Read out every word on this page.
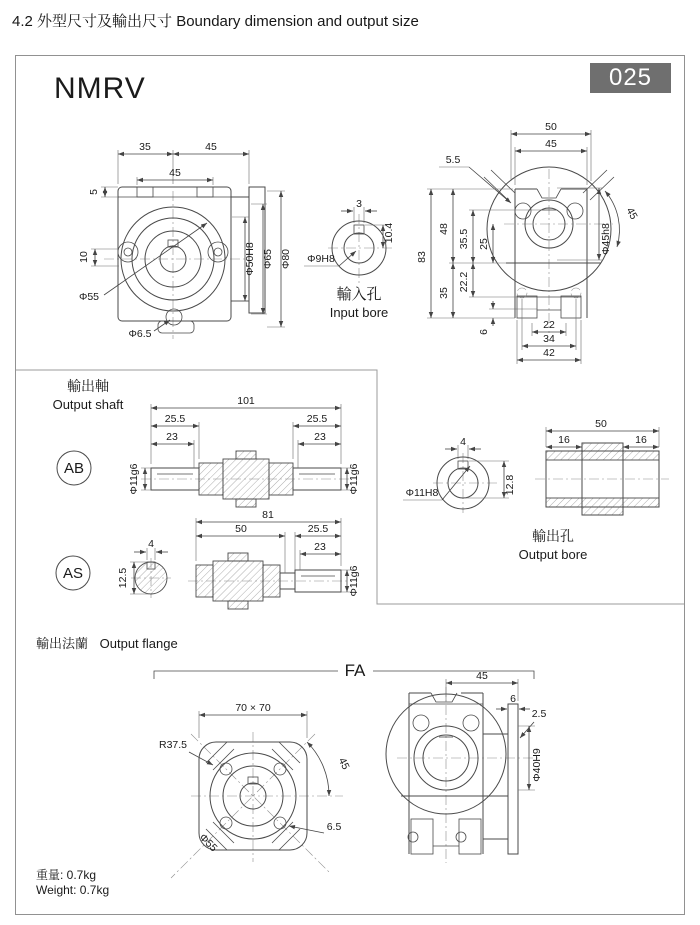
4.2 外型尺寸及輸出尺寸 Boundary dimension and output size
35	45
45
5
10
Φ55
Φ6.5
Φ50H8 Φ65 Φ80
3
10.4
Φ9H8
50
45
5.5
45
83
48
35
35.5
22.2
25
6
22
34
42
Φ45h8
AB
101
25.5
23
25.5
23
Φ11g6	Φ11g6
AS
4
12.5
81
50	25.5
23
Φ11g6
4
Φ11H8	12.8
50
16	16
FA
70 × 70
R37.5
45
Φ55
6.5
45
6
2.5
Φ40H9
NMRV	025
輸出軸
Output shaft
輸入孔
Input bore
輸出孔
Output bore
輸出法蘭 Output flange
重量: 0.7kg
Weight: 0.7kg
